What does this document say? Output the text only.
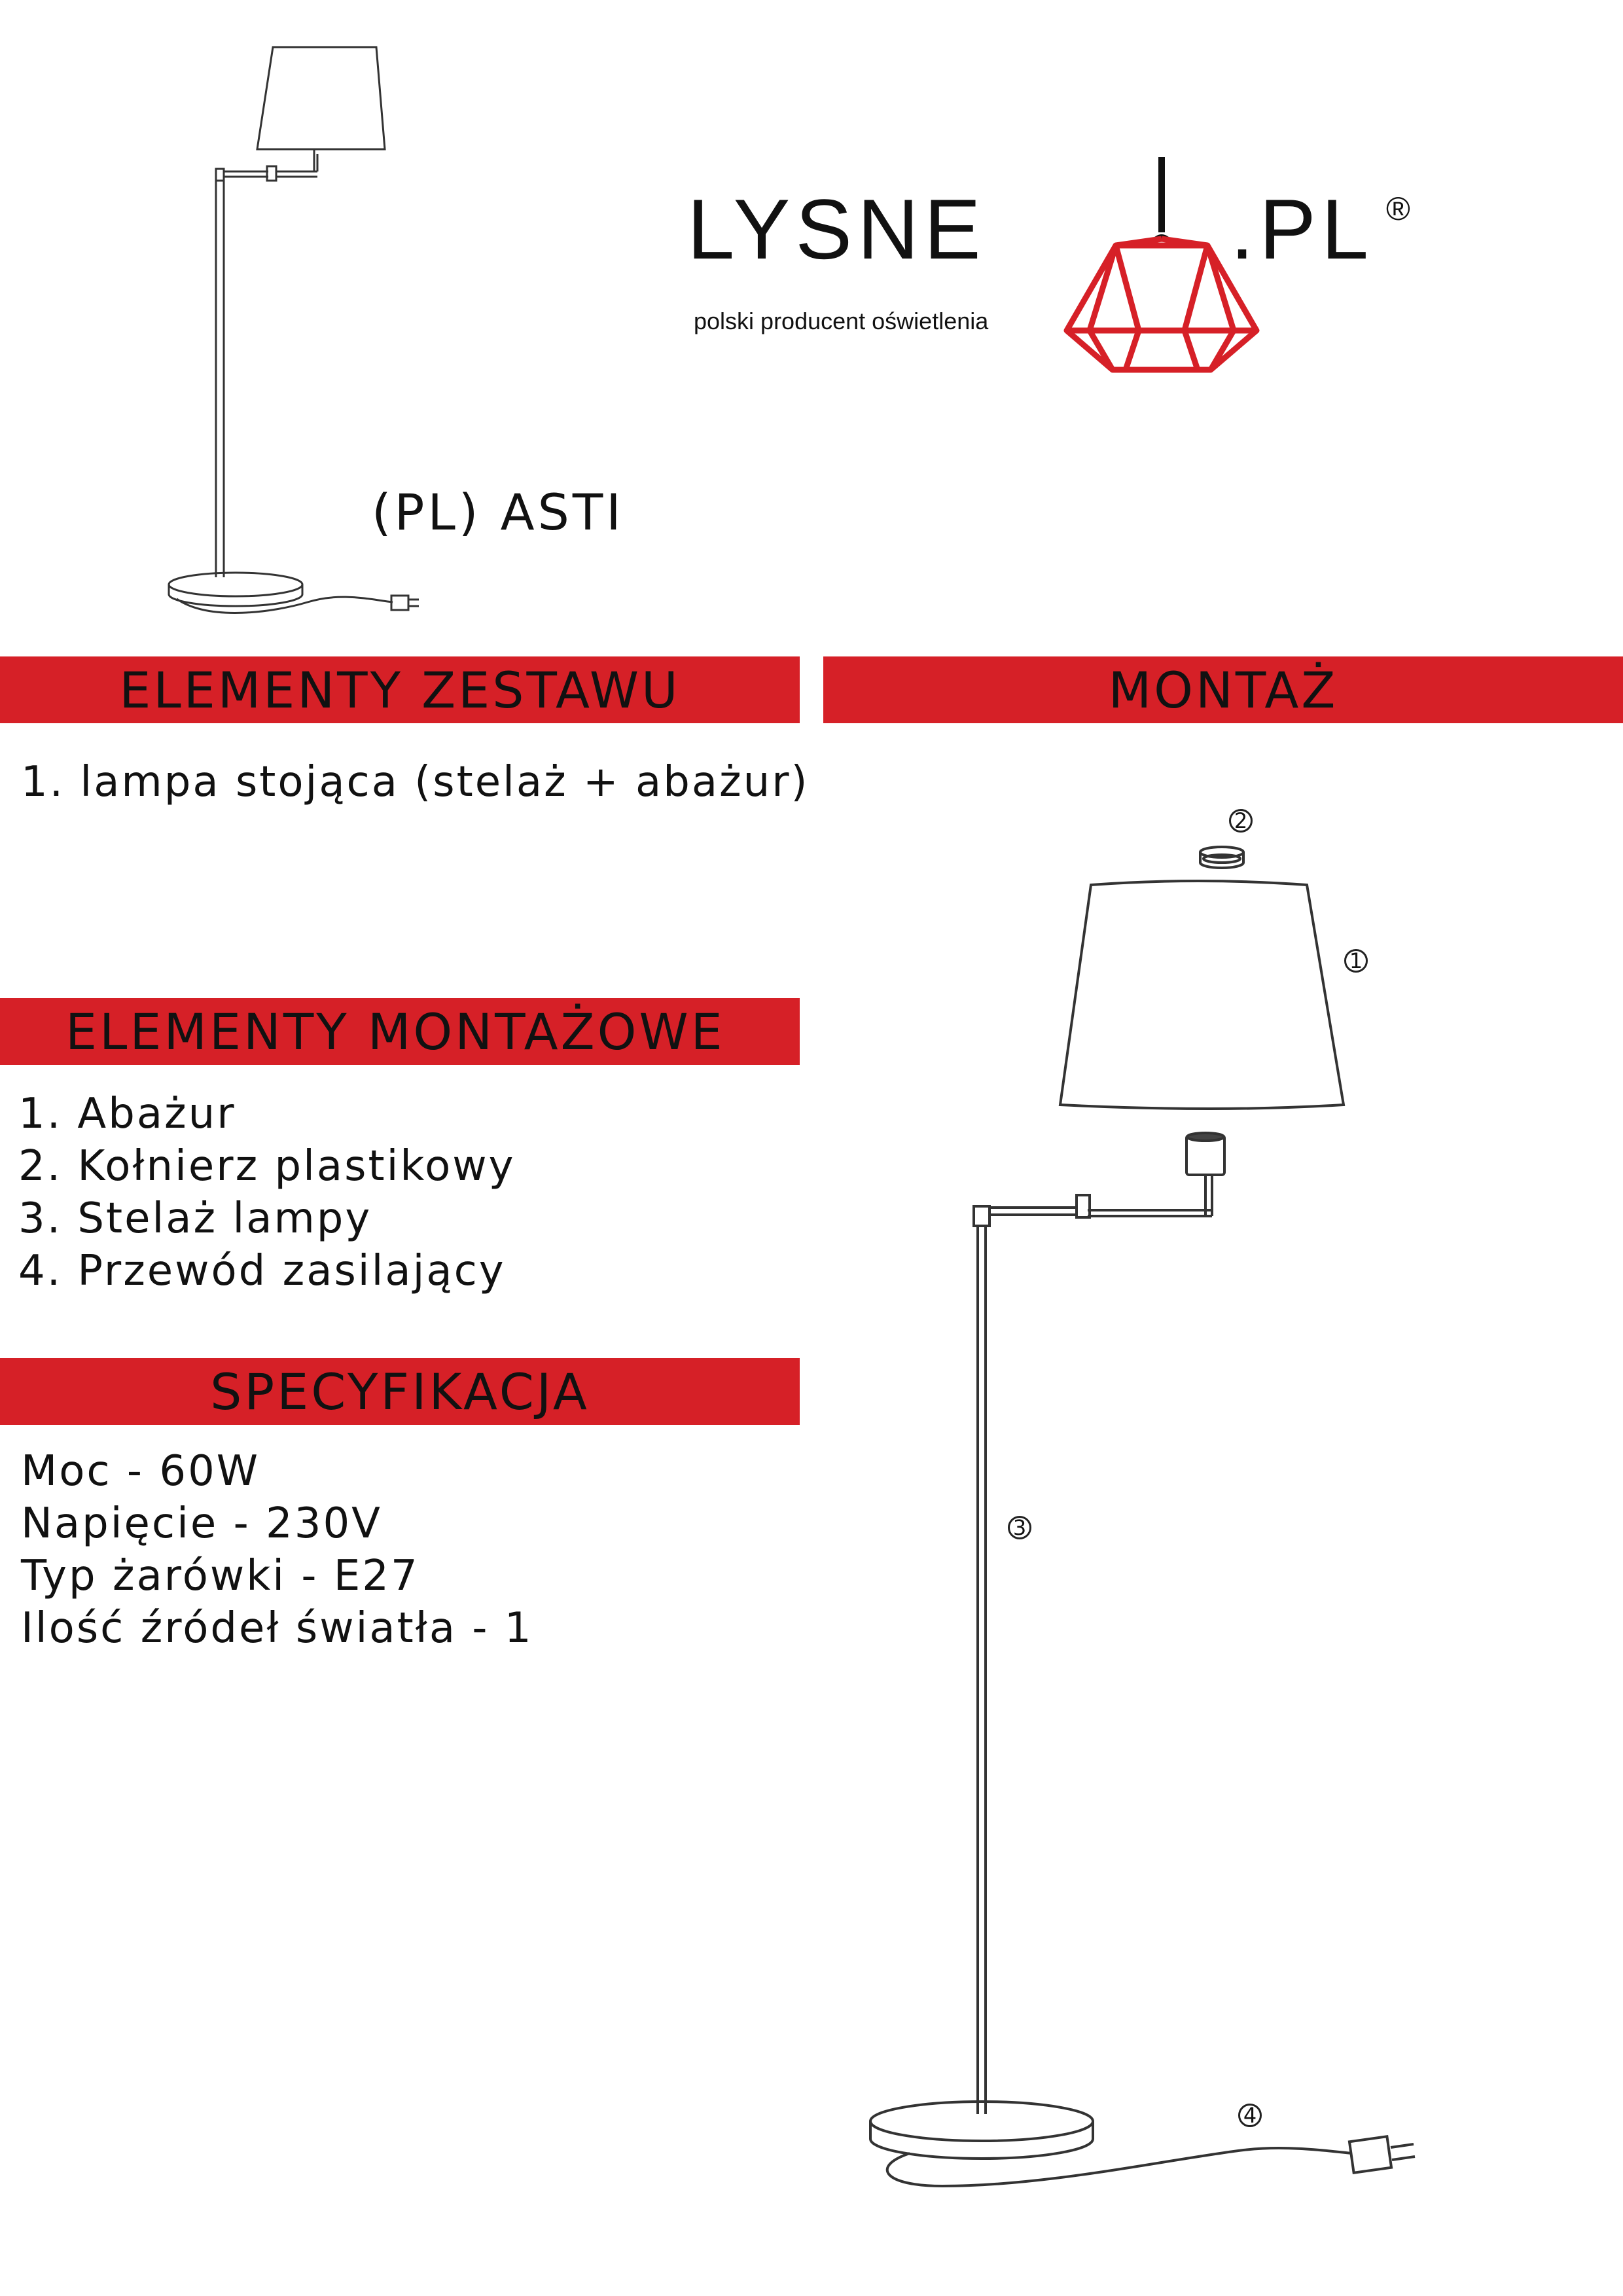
LYSNE	.PL ®
polski producent oświetlenia
(PL) ASTI
ELEMENTY ZESTAWU	MONTAŻ
ELEMENTY MONTAŻOWE
SPECYFIKACJA
1. lampa stojąca (stelaż + abażur)
1. Abażur
2. Kołnierz plastikowy
3. Stelaż lampy
4. Przewód zasilający
Moc - 60W
Napięcie - 230V
Typ żarówki - E27
Ilość źródeł światła - 1
2
1
3
4
